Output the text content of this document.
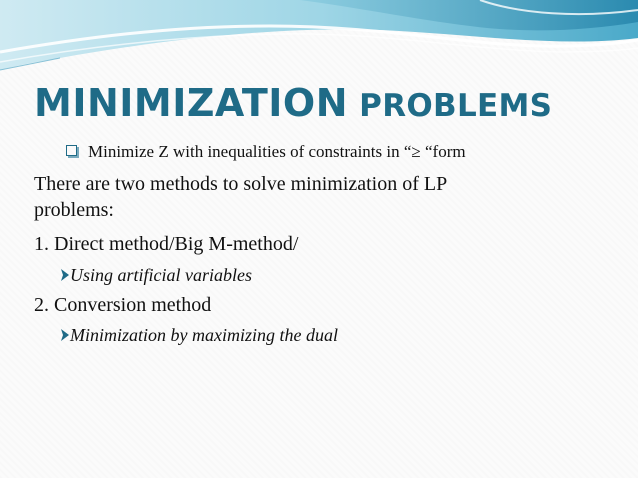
MINIMIZATION PROBLEMS
Minimize Z with inequalities of constraints in “≥ “form
There are two methods to solve minimization of LP
problems:
1. Direct method/Big M-method/
Using artificial variables
2. Conversion method
Minimization by maximizing the dual
